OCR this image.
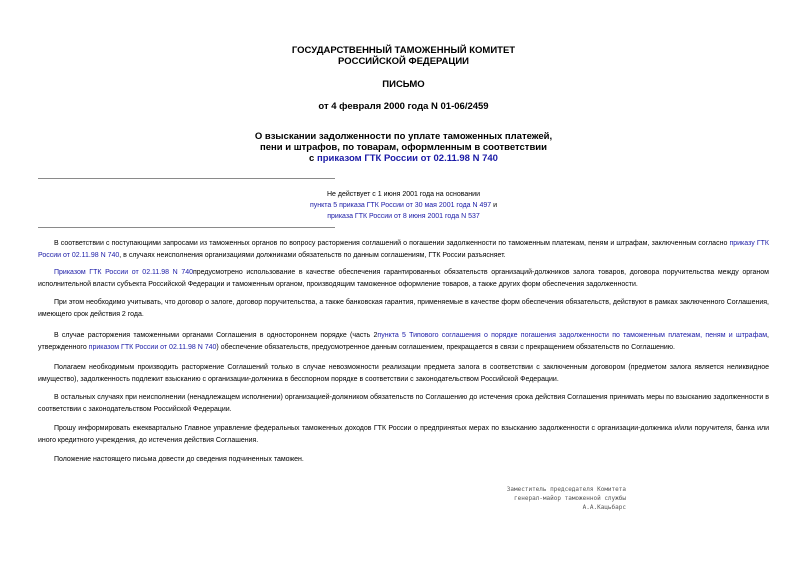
ГОСУДАРСТВЕННЫЙ ТАМОЖЕННЫЙ КОМИТЕТ
РОССИЙСКОЙ ФЕДЕРАЦИИ
ПИСЬМО
от 4 февраля 2000 года N 01-06/2459
О взыскании задолженности по уплате таможенных платежей,
пени и штрафов, по товарам, оформленным в соответствии
с приказом ГТК России от 02.11.98 N 740
Не действует с 1 июня 2001 года на основании
пункта 5 приказа ГТК России от 30 мая 2001 года N 497 и
приказа ГТК России от 8 июня 2001 года N 537
В соответствии с поступающими запросами из таможенных органов по вопросу расторжения соглашений о погашении задолженности по таможенным платежам, пеням и штрафам, заключенным согласно приказу ГТК России от 02.11.98 N 740, в случаях неисполнения организациями должниками обязательств по данным соглашениям, ГТК России разъясняет.
Приказом ГТК России от 02.11.98 N 740предусмотрено использование в качестве обеспечения гарантированных обязательств организаций-должников залога товаров, договора поручительства между органом исполнительной власти субъекта Российской Федерации и таможенным органом, производящим таможенное оформление товаров, а также других форм обеспечения задолженности.
При этом необходимо учитывать, что договор о залоге, договор поручительства, а также банковская гарантия, применяемые в качестве форм обеспечения обязательств, действуют в рамках заключенного Соглашения, имеющего срок действия 2 года.
В случае расторжения таможенными органами Соглашения в одностороннем порядке (часть 2пункта 5 Типового соглашения о порядке погашения задолженности по таможенным платежам, пеням и штрафам, утвержденного приказом ГТК России от 02.11.98 N 740) обеспечение обязательств, предусмотренное данным соглашением, прекращается в связи с прекращением обязательств по Соглашению.
Полагаем необходимым производить расторжение Соглашений только в случае невозможности реализации предмета залога в соответствии с заключенным договором (предметом залога является неликвидное имущество), задолженность подлежит взысканию с организации-должника в бесспорном порядке в соответствии с законодательством Российской Федерации.
В остальных случаях при неисполнении (ненадлежащем исполнении) организацией-должником обязательств по Соглашению до истечения срока действия Соглашения принимать меры по взысканию задолженности в соответствии с законодательством Российской Федерации.
Прошу информировать ежеквартально Главное управление федеральных таможенных доходов ГТК России о предпринятых мерах по взысканию задолженности с организации-должника и/или поручителя, банка или иного кредитного учреждения, до истечения действия Соглашения.
Положение настоящего письма довести до сведения подчиненных таможен.
Заместитель председателя Комитета
генерал-майор таможенной службы
А.А.Кацьбарс
